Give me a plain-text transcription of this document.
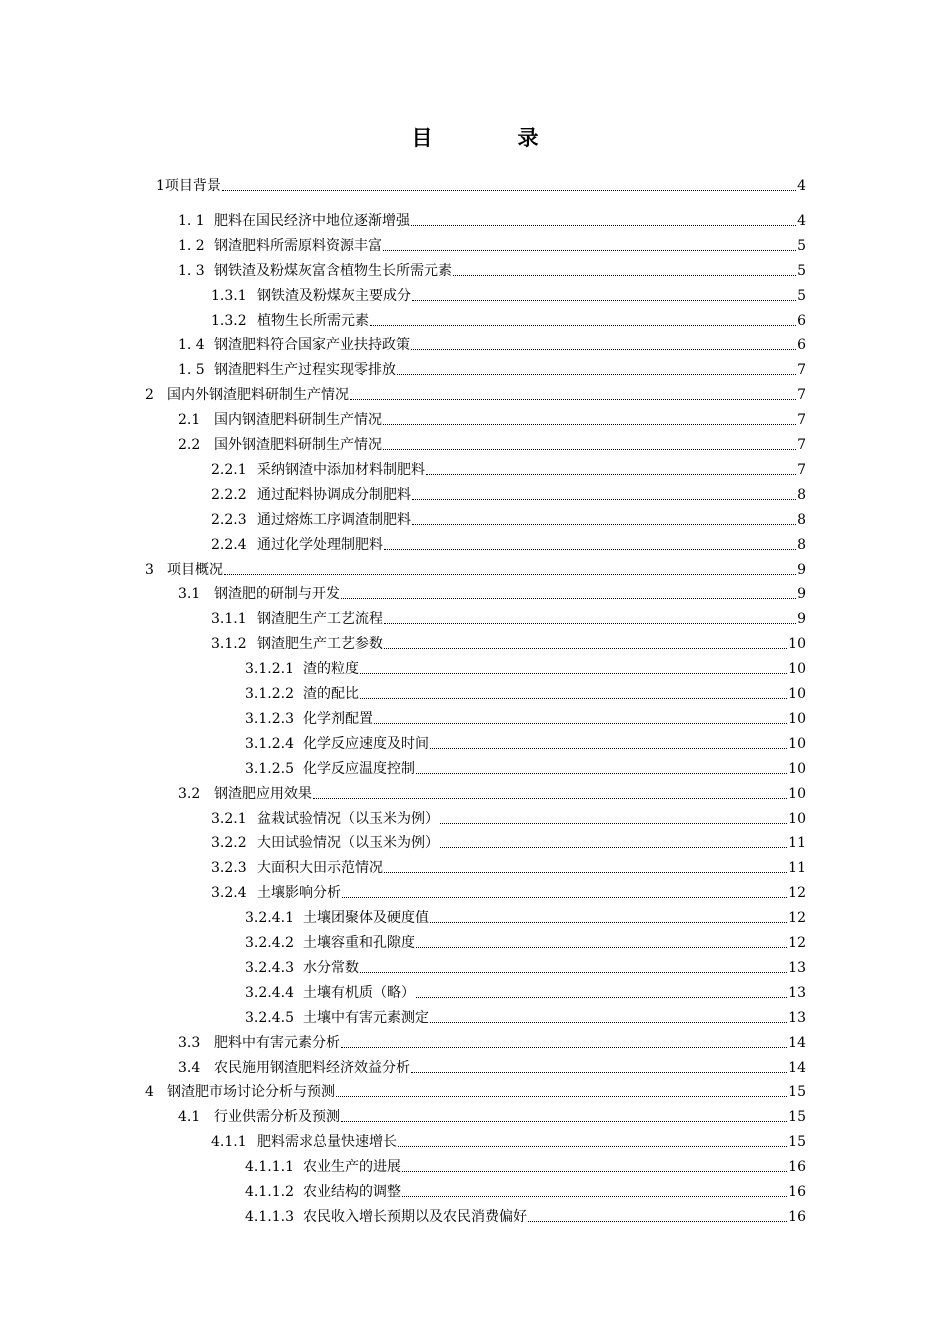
目　录
1 项目背景	4
1. 1 肥料在国民经济中地位逐渐增强	4
1. 2 钢渣肥料所需原料资源丰富	5
1. 3 钢铁渣及粉煤灰富含植物生长所需元素	5
1.3.1 钢铁渣及粉煤灰主要成分	5
1.3.2 植物生长所需元素	6
1. 4 钢渣肥料符合国家产业扶持政策	6
1. 5 钢渣肥料生产过程实现零排放	7
2 国内外钢渣肥料研制生产情况	7
2.1 国内钢渣肥料研制生产情况	7
2.2 国外钢渣肥料研制生产情况	7
2.2.1 采纳钢渣中添加材料制肥料	7
2.2.2 通过配料协调成分制肥料	8
2.2.3 通过熔炼工序调渣制肥料	8
2.2.4 通过化学处理制肥料	8
3 项目概况	9
3.1 钢渣肥的研制与开发	9
3.1.1 钢渣肥生产工艺流程	9
3.1.2 钢渣肥生产工艺参数	10
3.1.2.1 渣的粒度	10
3.1.2.2 渣的配比	10
3.1.2.3 化学剂配置	10
3.1.2.4 化学反应速度及时间	10
3.1.2.5 化学反应温度控制	10
3.2 钢渣肥应用效果	10
3.2.1 盆栽试验情况（以玉米为例）	10
3.2.2 大田试验情况（以玉米为例）	11
3.2.3 大面积大田示范情况	11
3.2.4 土壤影响分析	12
3.2.4.1 土壤团聚体及硬度值	12
3.2.4.2 土壤容重和孔隙度	12
3.2.4.3 水分常数	13
3.2.4.4 土壤有机质（略）	13
3.2.4.5 土壤中有害元素测定	13
3.3 肥料中有害元素分析	14
3.4 农民施用钢渣肥料经济效益分析	14
4 钢渣肥市场讨论分析与预测	15
4.1 行业供需分析及预测	15
4.1.1 肥料需求总量快速增长	15
4.1.1.1 农业生产的进展	16
4.1.1.2 农业结构的调整	16
4.1.1.3 农民收入增长预期以及农民消费偏好	16
